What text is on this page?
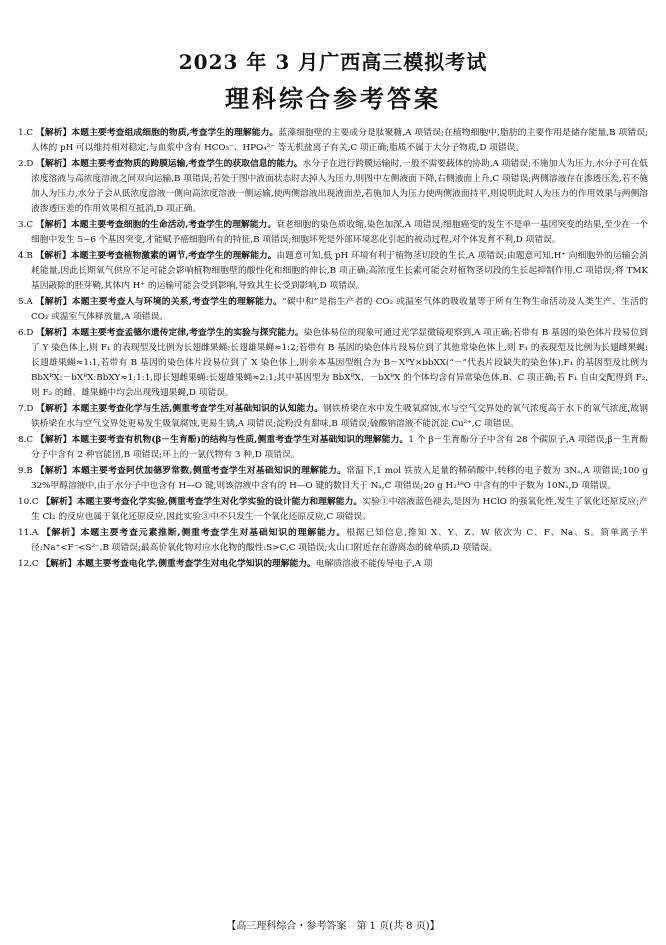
2023 年 3 月广西高三模拟考试
理科综合参考答案

1.C 【解析】本题主要考查组成细胞的物质,考查学生的理解能力。蓝藻细胞壁的主要成分是肽聚糖,A 项错误;在植物细胞中,脂肪的主要作用是储存能量,B 项错误;人体的 pH 可以维持相对稳定,与血浆中含有 HCO₃⁻、HPO₄²⁻ 等无机盐离子有关,C 项正确;脂质不属于大分子物质,D 项错误。

2.D 【解析】本题主要考查物质的跨膜运输,考查学生的获取信息的能力。水分子在进行跨膜运输时,一般不需要载体的协助,A 项错误;不施加人为压力,水分子可在低浓度溶液与高浓度溶液之间双向运输,B 项错误;若处于图中液面状态时去掉人为压力,则图中左侧液面下降,右侧液面上升,C 项错误;两侧溶液存在渗透压差,若不施加人为压力,水分子会从低浓度溶液一侧向高浓度溶液一侧运输,使两侧溶液出现液面差,若施加人为压力使两侧液面持平,则说明此时人为压力的作用效果与两侧溶液渗透压差的作用效果相互抵消,D 项正确。

3.C 【解析】本题主要考查细胞的生命活动,考查学生的理解能力。衰老细胞的染色质收缩,染色加深,A 项错误;细胞癌变的发生不是单一基因突变的结果,至少在一个细胞中发生 5~6 个基因突变,才能赋予癌细胞所有的特征,B 项错误;细胞坏死是外部环境恶化引起的被动过程,对个体发育不利,D 项错误。

4.B 【解析】本题主要考查植物激素的调节,考查学生的理解能力。由题意可知,低 pH 环境有利于植物茎切段的生长,A 项错误;由题意可知,H⁺ 向细胞外的运输会消耗能量,因此长期氧气供应不足可能会影响植物细胞壁的酸性化和细胞的伸长,B 项正确;高浓度生长素可能会对植物茎切段的生长起抑制作用,C 项错误;将 TMK 基因敲除的胚芽鞘,其体内 H⁺ 的运输可能会受到影响,导致其生长受到影响,D 项错误。

5.A 【解析】本题主要考查人与环境的关系,考查学生的理解能力。“碳中和”是指生产者的 CO₂ 或温室气体的吸收量等于所有生物生命活动及人类生产、生活的 CO₂ 或温室气体释放量,A 项错误。

6.D 【解析】本题主要考查孟德尔遗传定律,考查学生的实验与探究能力。染色体易位的现象可通过光学显微镜观察到,A 项正确;若带有 B 基因的染色体片段易位到了 Y 染色体上,则 F₁ 的表现型及比例为长翅雌果蝇:长翅雄果蝇≈1:2;若带有 B 基因的染色体片段易位到了其他常染色体上,则 F₁ 的表现型及比例为长翅雌果蝇:长翅雄果蝇≈1:1,若带有 B 基因的染色体片段易位到了 X 染色体上,则亲本基因型组合为 B－XᴮY×bbXX(“－”代表片段缺失的染色体),F₁ 的基因型及比例为 BbXᴮX:－bXᴮX:BbXY≈1:1:1,即长翅雌果蝇:长翅雄果蝇≈2:1;其中基因型为 BbXᴮX、－bXᴮX 的个体均含有异常染色体,B、C 项正确;若 F₁ 自由交配得到 F₂,则 F₂ 的雌、雄果蝇中均会出现残翅果蝇,D 项错误。

7.D 【解析】本题主要考查化学与生活,侧重考查学生对基础知识的认知能力。钢铁桥梁在水中发生吸氧腐蚀,水与空气交界处的氧气浓度高于水下的氧气浓度,故钢铁桥梁在水与空气交界处更易发生吸氧腐蚀,更易生锈,A 项错误;淀粉没有甜味,B 项错误;硫酸钠溶液不能沉淀 Cu²⁺,C 项错误。

8.C 【解析】本题主要考查有机物(β－生育酚)的结构与性质,侧重考查学生对基础知识的理解能力。1 个 β－生育酚分子中含有 28 个碳原子,A 项错误;β－生育酚分子中含有 2 种官能团,B 项错误;环上的一氯代物有 3 种,D 项错误。

9.B 【解析】本题主要考查阿伏加德罗常数,侧重考查学生对基础知识的理解能力。常温下,1 mol 铁放入足量的稀硝酸中,转移的电子数为 3Nₐ,A 项错误;100 g 32%甲醇溶液中,由于水分子中也含有 H—O 键,则该溶液中含有的 H—O 键的数目大于 Nₐ,C 项错误;20 g H₂¹⁸O 中含有的中子数为 10Nₐ,D 项错误。

10.C 【解析】本题主要考查化学实验,侧重考查学生对化学实验的设计能力和理解能力。实验①中溶液蓝色褪去,是因为 HClO 的强氧化性,发生了氧化还原反应;产生 Cl₂ 的反应也属于氧化还原反应,因此实验③中不只发生一个氧化还原反应,C 项错误。

11.A 【解析】本题主要考查元素推断,侧重考查学生对基础知识的理解能力。根据已知信息,推知 X、Y、Z、W 依次为 C、F、Na、S。简单离子半径:Na⁺<F⁻<S²⁻,B 项错误;最高价氧化物对应水化物的酸性:S>C,C 项错误;火山口附近存在游离态的硫单质,D 项错误。

12.C 【解析】本题主要考查电化学,侧重考查学生对电化学知识的理解能力。电解质溶液不能传导电子,A 项

【高三理科综合・参考答案　第 1 页(共 8 页)】
